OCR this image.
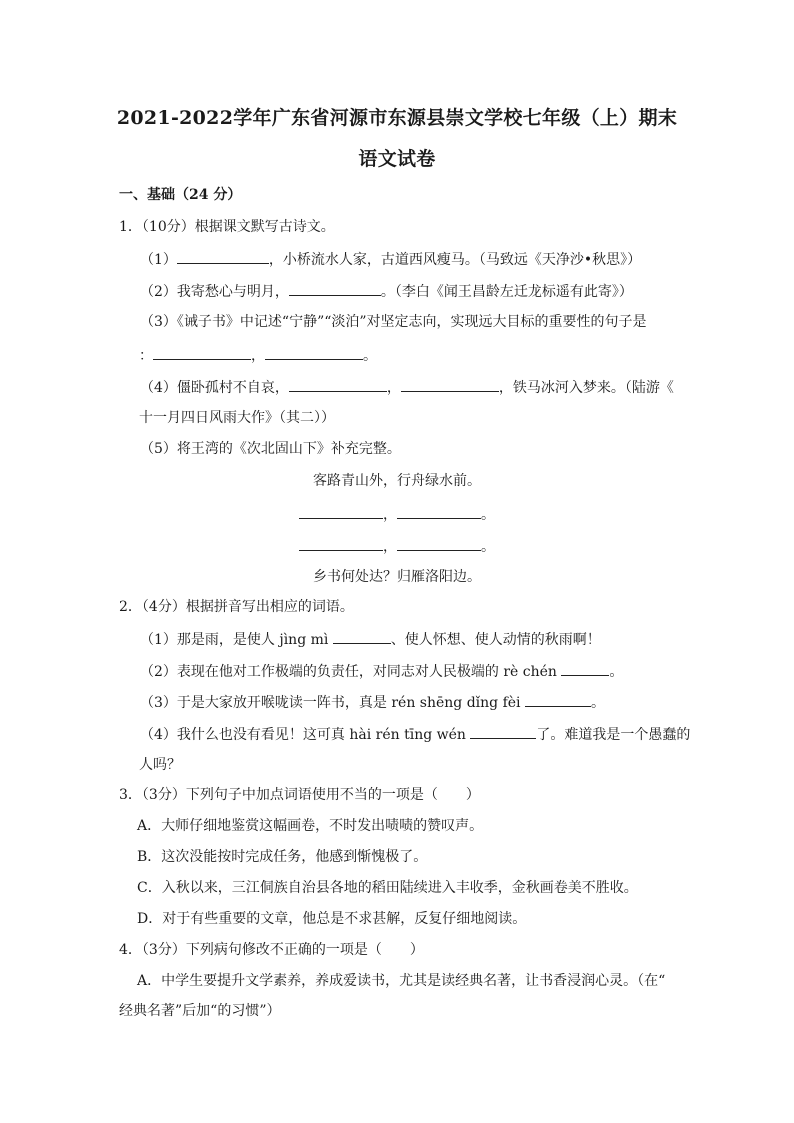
2021-2022学年广东省河源市东源县崇文学校七年级（上）期末
语文试卷
一、基础（24 分）
1．（10分）根据课文默写古诗文。
（1）	，小桥流水人家，古道西风瘦马。（马致远《天净沙•秋思》）
（2）我寄愁心与明月，	。（李白《闻王昌龄左迁龙标遥有此寄》）
（3）《诫子书》中记述“宁静”“淡泊”对坚定志向，实现远大目标的重要性的句子是
：	，	。
（4）僵卧孤村不自哀，	，	，铁马冰河入梦来。（陆游《
十一月四日风雨大作》（其二））
（5）将王湾的《次北固山下》补充完整。
客路青山外，行舟绿水前。
，	。
，	。
乡书何处达？归雁洛阳边。
2．（4分）根据拼音写出相应的词语。
（1）那是雨，是使人 jìng mì	、使人怀想、使人动情的秋雨啊！
（2）表现在他对工作极端的负责任，对同志对人民极端的 rè chén	。
（3）于是大家放开喉咙读一阵书，真是 rén shēng dǐng fèi	。
（4）我什么也没有看见！这可真 hài rén tīng wén	了。难道我是一个愚蠢的
人吗？
3．（3分）下列句子中加点词语使用不当的一项是（　　）
A．大师仔细地鉴赏这幅画卷，不时发出啧啧的赞叹声。
B．这次没能按时完成任务，他感到惭愧极了。
C．入秋以来，三江侗族自治县各地的稻田陆续进入丰收季，金秋画卷美不胜收。
D．对于有些重要的文章，他总是不求甚解，反复仔细地阅读。
4．（3分）下列病句修改不正确的一项是（　　）
A．中学生要提升文学素养，养成爱读书，尤其是读经典名著，让书香浸润心灵。（在“
经典名著”后加“的习惯”）
